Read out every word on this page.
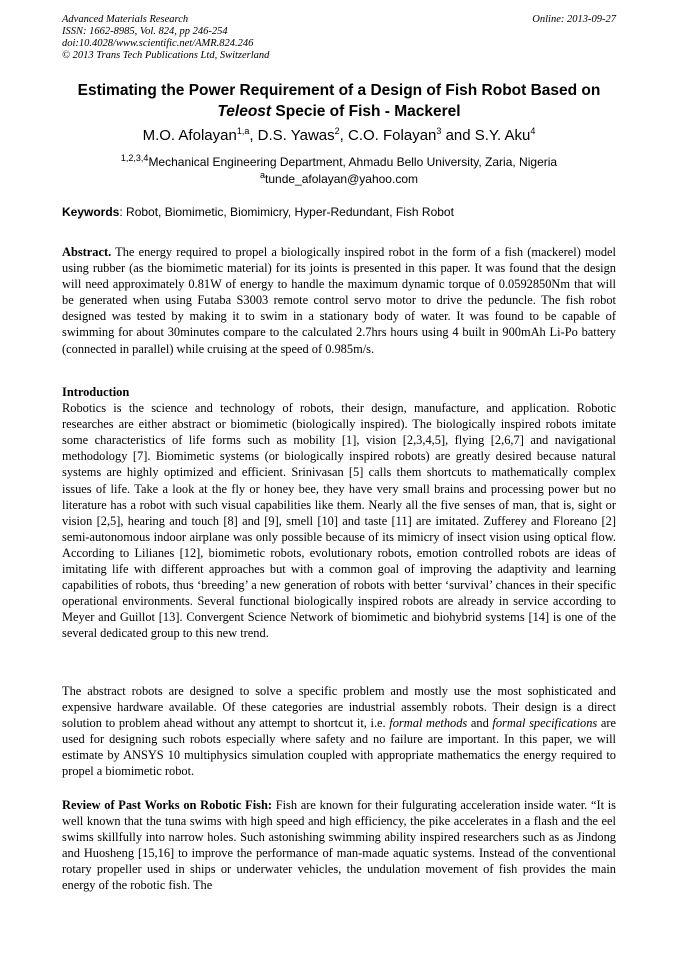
Advanced Materials Research
ISSN: 1662-8985, Vol. 824, pp 246-254
doi:10.4028/www.scientific.net/AMR.824.246
© 2013 Trans Tech Publications Ltd, Switzerland
Online: 2013-09-27
Estimating the Power Requirement of a Design of Fish Robot Based on
Teleost Specie of Fish - Mackerel
M.O. Afolayan$^{1,a}$, D.S. Yawas$^2$, C.O. Folayan$^3$ and S.Y. Aku$^4$
$^{1,2,3,4}$Mechanical Engineering Department, Ahmadu Bello University, Zaria, Nigeria
$^a$tunde_afolayan@yahoo.com
Keywords: Robot, Biomimetic, Biomimicry, Hyper-Redundant, Fish Robot
Abstract. The energy required to propel a biologically inspired robot in the form of a fish (mackerel) model using rubber (as the biomimetic material) for its joints is presented in this paper. It was found that the design will need approximately 0.81W of energy to handle the maximum dynamic torque of 0.0592850Nm that will be generated when using Futaba S3003 remote control servo motor to drive the peduncle. The fish robot designed was tested by making it to swim in a stationary body of water. It was found to be capable of swimming for about 30minutes compare to the calculated 2.7hrs hours using 4 built in 900mAh Li-Po battery (connected in parallel) while cruising at the speed of 0.985m/s.
Introduction
Robotics is the science and technology of robots, their design, manufacture, and application. Robotic researches are either abstract or biomimetic (biologically inspired). The biologically inspired robots imitate some characteristics of life forms such as mobility [1], vision [2,3,4,5], flying [2,6,7] and navigational methodology [7]. Biomimetic systems (or biologically inspired robots) are greatly desired because natural systems are highly optimized and efficient. Srinivasan [5] calls them shortcuts to mathematically complex issues of life. Take a look at the fly or honey bee, they have very small brains and processing power but no literature has a robot with such visual capabilities like them. Nearly all the five senses of man, that is, sight or vision [2,5], hearing and touch [8] and [9], smell [10] and taste [11] are imitated. Zufferey and Floreano [2] semi-autonomous indoor airplane was only possible because of its mimicry of insect vision using optical flow. According to Lilianes [12], biomimetic robots, evolutionary robots, emotion controlled robots are ideas of imitating life with different approaches but with a common goal of improving the adaptivity and learning capabilities of robots, thus ‘breeding’ a new generation of robots with better ‘survival’ chances in their specific operational environments. Several functional biologically inspired robots are already in service according to Meyer and Guillot [13]. Convergent Science Network of biomimetic and biohybrid systems [14] is one of the several dedicated group to this new trend.
The abstract robots are designed to solve a specific problem and mostly use the most sophisticated and expensive hardware available. Of these categories are industrial assembly robots. Their design is a direct solution to problem ahead without any attempt to shortcut it, i.e. formal methods and formal specifications are used for designing such robots especially where safety and no failure are important. In this paper, we will estimate by ANSYS 10 multiphysics simulation coupled with appropriate mathematics the energy required to propel a biomimetic robot.
Review of Past Works on Robotic Fish: Fish are known for their fulgurating acceleration inside water. “It is well known that the tuna swims with high speed and high efficiency, the pike accelerates in a flash and the eel swims skillfully into narrow holes. Such astonishing swimming ability inspired researchers such as as Jindong and Huosheng [15,16] to improve the performance of man-made aquatic systems. Instead of the conventional rotary propeller used in ships or underwater vehicles, the undulation movement of fish provides the main energy of the robotic fish. The
